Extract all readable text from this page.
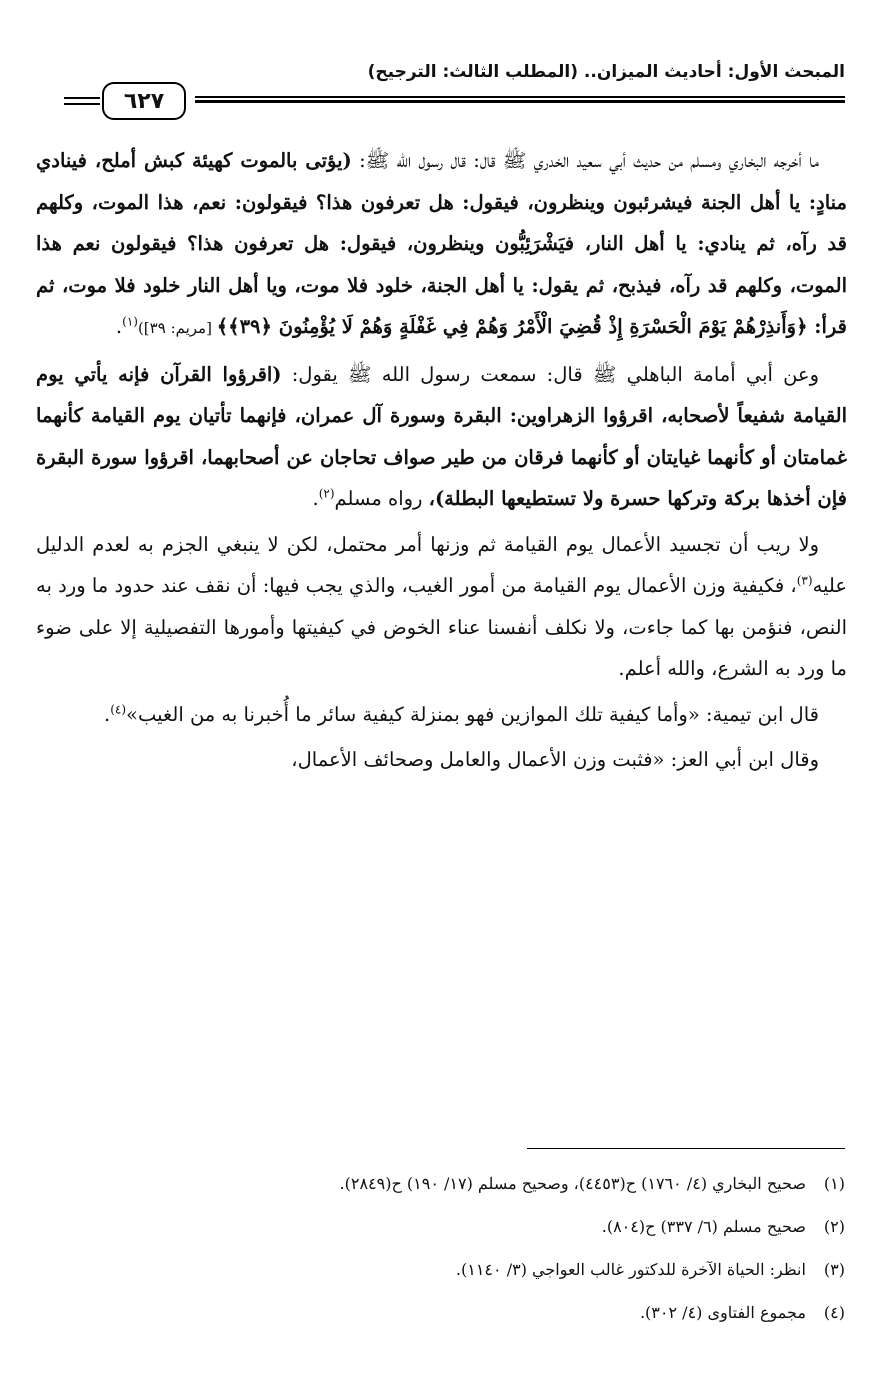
المبحث الأول: أحاديث الميزان.. (المطلب الثالث: الترجيح)
٦٢٧

ما أخرجه البخاري ومسلم من حديث أبي سعيد الخدري ﷺ قال: قال رسول الله ﷺ: (يؤتى بالموت كهيئة كبش أملح، فينادي منادٍ: يا أهل الجنة فيشرئبون وينظرون، فيقول: هل تعرفون هذا؟ فيقولون: نعم، هذا الموت، وكلهم قد رآه، ثم ينادي: يا أهل النار، فيَشْرَئِبُّون وينظرون، فيقول: هل تعرفون هذا؟ فيقولون نعم هذا الموت، وكلهم قد رآه، فيذبح، ثم يقول: يا أهل الجنة، خلود فلا موت، ويا أهل النار خلود فلا موت، ثم قرأ: ﴿وَأَنذِرْهُمْ يَوْمَ الْحَسْرَةِ إِذْ قُضِيَ الْأَمْرُ وَهُمْ فِي غَفْلَةٍ وَهُمْ لَا يُؤْمِنُونَ ﴿٣٩﴾﴾ [مريم: ٣٩])$^{(١)}$.

وعن أبي أمامة الباهلي ﷺ قال: سمعت رسول الله ﷺ يقول: (اقرؤوا القرآن فإنه يأتي يوم القيامة شفيعاً لأصحابه، اقرؤوا الزهراوين: البقرة وسورة آل عمران، فإنهما تأتيان يوم القيامة كأنهما غمامتان أو كأنهما غيايتان أو كأنهما فرقان من طير صواف تحاجان عن أصحابهما، اقرؤوا سورة البقرة فإن أخذها بركة وتركها حسرة ولا تستطيعها البطلة)، رواه مسلم$^{(٢)}$.

ولا ريب أن تجسيد الأعمال يوم القيامة ثم وزنها أمر محتمل، لكن لا ينبغي الجزم به لعدم الدليل عليه$^{(٣)}$، فكيفية وزن الأعمال يوم القيامة من أمور الغيب، والذي يجب فيها: أن نقف عند حدود ما ورد به النص، فنؤمن بها كما جاءت، ولا نكلف أنفسنا عناء الخوض في كيفيتها وأمورها التفصيلية إلا على ضوء ما ورد به الشرع، والله أعلم.

قال ابن تيمية: «وأما كيفية تلك الموازين فهو بمنزلة كيفية سائر ما أُخبرنا به من الغيب»$^{(٤)}$.

وقال ابن أبي العز: «فثبت وزن الأعمال والعامل وصحائف الأعمال،

(١) صحيح البخاري (٤/ ١٧٦٠) ح(٤٤٥٣)، وصحيح مسلم (١٧/ ١٩٠) ح(٢٨٤٩).
(٢) صحيح مسلم (٦/ ٣٣٧) ح(٨٠٤).
(٣) انظر: الحياة الآخرة للدكتور غالب العواجي (٣/ ١١٤٠).
(٤) مجموع الفتاوى (٤/ ٣٠٢).
